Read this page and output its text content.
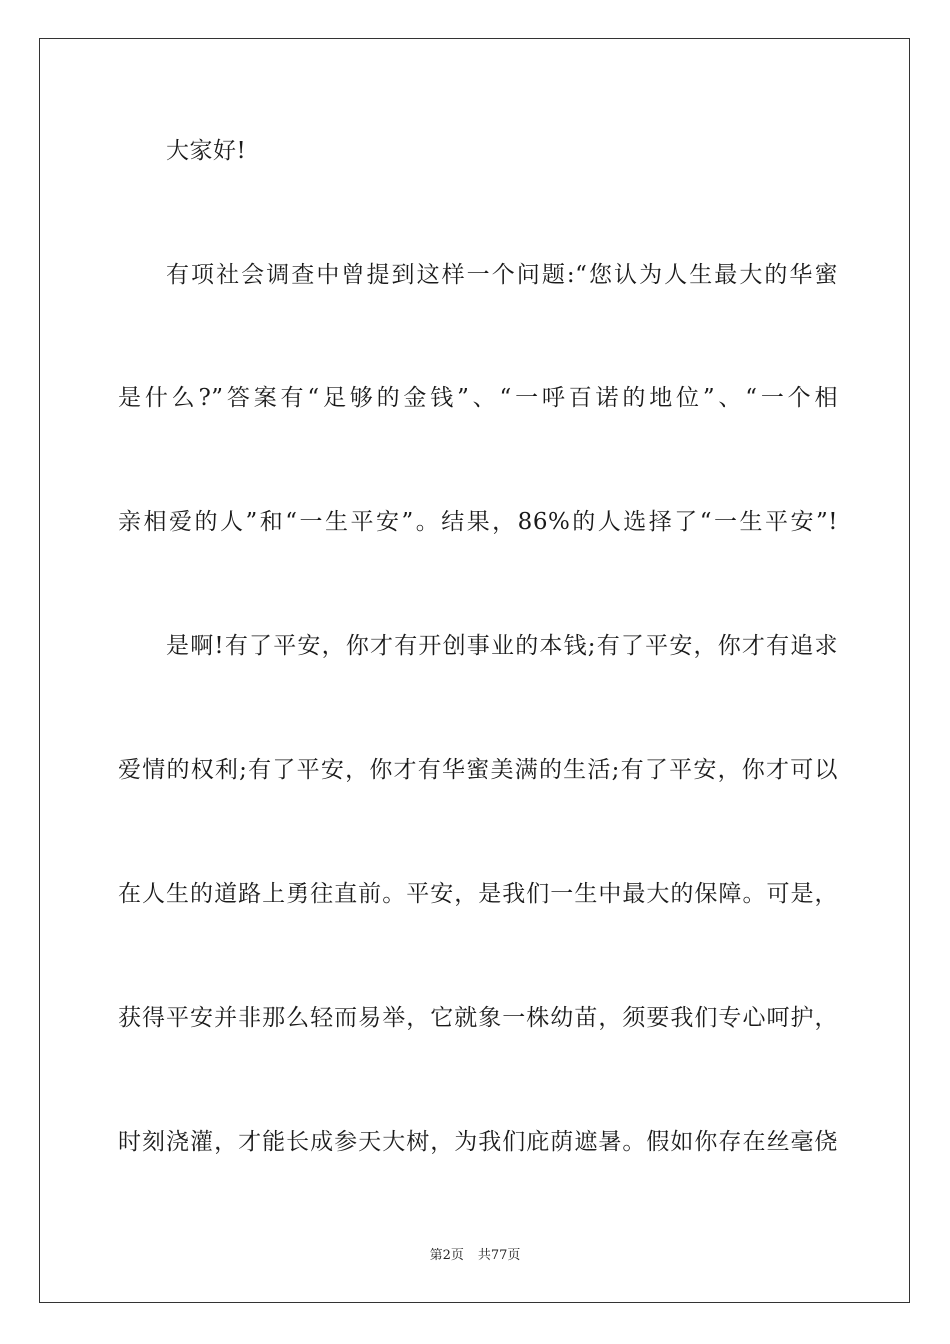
大家好!
有项社会调查中曾提到这样一个问题:“您认为人生最大的华蜜
是什么?”答案有“足够的金钱”、“一呼百诺的地位”、“一个相
亲相爱的人”和“一生平安”。结果，86%的人选择了“一生平安”!
是啊!有了平安，你才有开创事业的本钱;有了平安，你才有追求
爱情的权利;有了平安，你才有华蜜美满的生活;有了平安，你才可以
在人生的道路上勇往直前。平安，是我们一生中最大的保障。可是，
获得平安并非那么轻而易举，它就象一株幼苗，须要我们专心呵护，
时刻浇灌，才能长成参天大树，为我们庇荫遮暑。假如你存在丝毫侥
第2页 共77页
